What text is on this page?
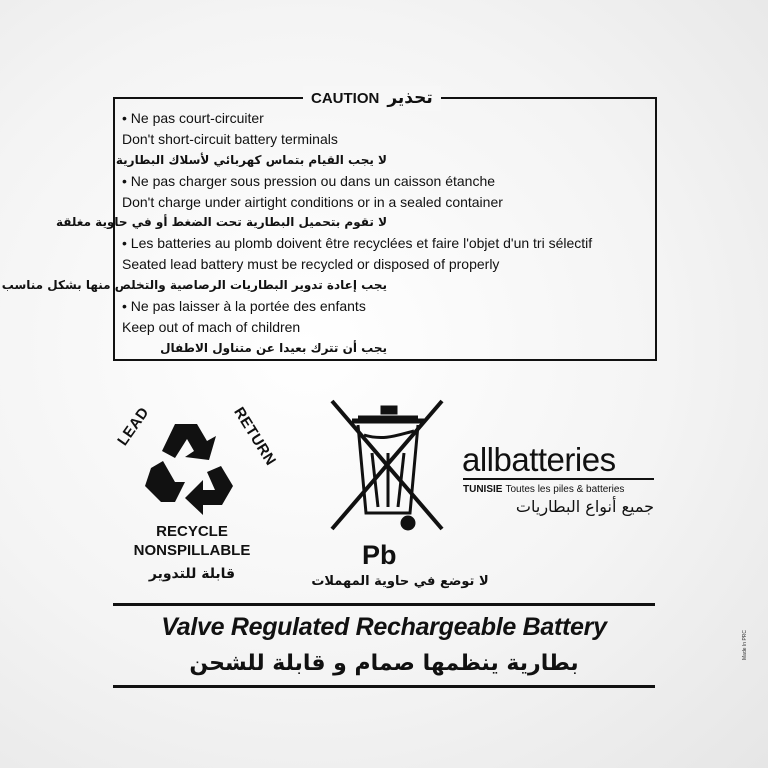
CAUTION تحذير
• Ne pas court-circuiter
Don't short-circuit battery terminals
لا يجب القيام بتماس كهربائي لأسلاك البطارية
• Ne pas charger sous pression ou dans un caisson étanche
Don't charge under airtight conditions or in a sealed container
لا تقوم بتحميل البطارية تحت الضغط أو في حاوية مغلقة
• Les batteries au plomb doivent être recyclées et faire l'objet d'un tri sélectif
Seated lead battery must be recycled or disposed of properly
يجب إعادة تدوير البطاريات الرصاصية والتخلص منها بشكل مناسب
• Ne pas laisser à la portée des enfants
Keep out of mach of children
يجب أن تترك بعيدا عن متناول الاطفال
LEAD	RETURN
RECYCLE
NONSPILLABLE
قابلة للتدوير
Pb
لا توضع في حاوية المهملات
allbatteries
TUNISIE Toutes les piles & batteries
جميع أنواع البطاريات
Valve Regulated Rechargeable Battery
بطارية ينظمها صمام و قابلة للشحن
Made In PRC
